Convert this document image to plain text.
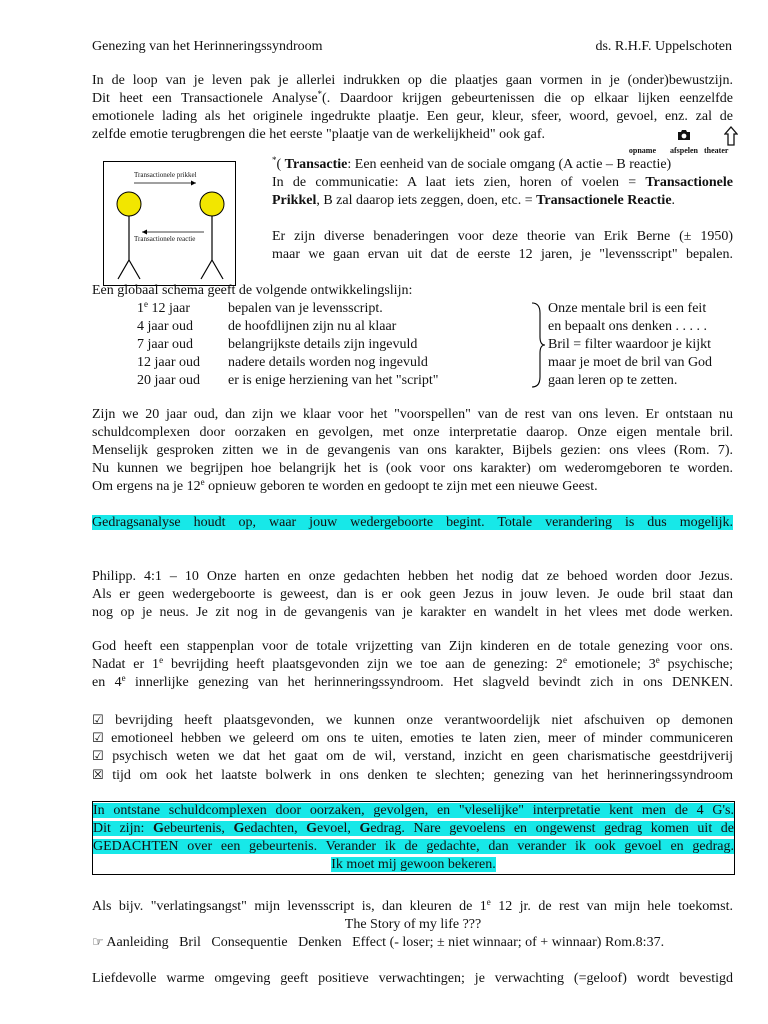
Genezing van het Herinneringssyndroom	ds. R.H.F. Uppelschoten
In de loop van je leven pak je allerlei indrukken op die plaatjes gaan vormen in je (onder)bewustzijn.
Dit heet een Transactionele Analyse*(. Daardoor krijgen gebeurtenissen die op elkaar lijken eenzelfde
emotionele lading als het originele ingedrukte plaatje. Een geur, kleur, sfeer, woord, gevoel, enz. zal de
zelfde emotie terugbrengen die het eerste "plaatje van de werkelijkheid" ook gaf.
opname afspelen theater
Transactionele prikkel
Transactionele reactie
*( Transactie: Een eenheid van de sociale omgang (A actie – B reactie)
In de communicatie: A laat iets zien, horen of voelen = Transactionele
Prikkel, B zal daarop iets zeggen, doen, etc. = Transactionele Reactie.
Er zijn diverse benaderingen voor deze theorie van Erik Berne (± 1950)
maar we gaan ervan uit dat de eerste 12 jaren, je "levensscript" bepalen.
Een globaal schema geeft de volgende ontwikkelingslijn:
1e 12 jaar	bepalen van je levensscript.
4 jaar oud	de hoofdlijnen zijn nu al klaar
7 jaar oud	belangrijkste details zijn ingevuld
12 jaar oud nadere details worden nog ingevuld
20 jaar oud er is enige herziening van het "script"
Onze mentale bril is een feit
en bepaalt ons denken . . . . .
Bril = filter waardoor je kijkt
maar je moet de bril van God
gaan leren op te zetten.
Zijn we 20 jaar oud, dan zijn we klaar voor het "voorspellen" van de rest van ons leven. Er ontstaan nu
schuldcomplexen door oorzaken en gevolgen, met onze interpretatie daarop. Onze eigen mentale bril.
Menselijk gesproken zitten we in de gevangenis van ons karakter, Bijbels gezien: ons vlees (Rom. 7).
Nu kunnen we begrijpen hoe belangrijk het is (ook voor ons karakter) om wederomgeboren te worden.
Om ergens na je 12e opnieuw geboren te worden en gedoopt te zijn met een nieuwe Geest.
Gedragsanalyse houdt op, waar jouw wedergeboorte begint. Totale verandering is dus mogelijk.
Philipp. 4:1 – 10 Onze harten en onze gedachten hebben het nodig dat ze behoed worden door Jezus.
Als er geen wedergeboorte is geweest, dan is er ook geen Jezus in jouw leven. Je oude bril staat dan
nog op je neus. Je zit nog in de gevangenis van je karakter en wandelt in het vlees met dode werken.
God heeft een stappenplan voor de totale vrijzetting van Zijn kinderen en de totale genezing voor ons.
Nadat er 1e bevrijding heeft plaatsgevonden zijn we toe aan de genezing: 2e emotionele; 3e psychische;
en 4e innerlijke genezing van het herinneringssyndroom. Het slagveld bevindt zich in ons DENKEN.
☑ bevrijding heeft plaatsgevonden, we kunnen onze verantwoordelijk niet afschuiven op demonen
☑ emotioneel hebben we geleerd om ons te uiten, emoties te laten zien, meer of minder communiceren
☑ psychisch weten we dat het gaat om de wil, verstand, inzicht en geen charismatische geestdrijverij
☒ tijd om ook het laatste bolwerk in ons denken te slechten; genezing van het herinneringssyndroom
In ontstane schuldcomplexen door oorzaken, gevolgen, en "vleselijke" interpretatie kent men de 4 G's.
Dit zijn: Gebeurtenis, Gedachten, Gevoel, Gedrag. Nare gevoelens en ongewenst gedrag komen uit de
GEDACHTEN over een gebeurtenis. Verander ik de gedachte, dan verander ik ook gevoel en gedrag.
Ik moet mij gewoon bekeren.
Als bijv. "verlatingsangst" mijn levensscript is, dan kleuren de 1e 12 jr. de rest van mijn hele toekomst.
The Story of my life ???
☞ Aanleiding   Bril   Consequentie   Denken   Effect (- loser; ± niet winnaar; of + winnaar) Rom.8:37.
Liefdevolle warme omgeving geeft positieve verwachtingen; je verwachting (=geloof) wordt bevestigd
